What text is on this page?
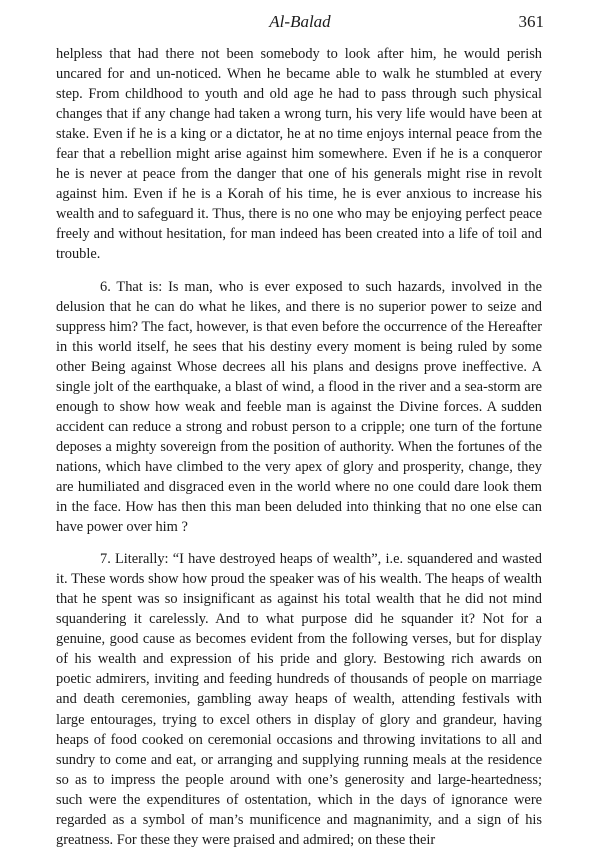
Al-Balad	361

helpless that had there not been somebody to look after him, he would perish uncared for and un-noticed. When he became able to walk he stumbled at every step. From childhood to youth and old age he had to pass through such physical changes that if any change had taken a wrong turn, his very life would have been at stake. Even if he is a king or a dictator, he at no time enjoys internal peace from the fear that a rebellion might arise against him somewhere. Even if he is a conqueror he is never at peace from the danger that one of his generals might rise in revolt against him. Even if he is a Korah of his time, he is ever anxious to increase his wealth and to safeguard it. Thus, there is no one who may be enjoying perfect peace freely and without hesitation, for man indeed has been created into a life of toil and trouble.

6. That is: Is man, who is ever exposed to such hazards, involved in the delusion that he can do what he likes, and there is no superior power to seize and suppress him? The fact, however, is that even before the occurrence of the Hereafter in this world itself, he sees that his destiny every moment is being ruled by some other Being against Whose decrees all his plans and designs prove ineffective. A single jolt of the earthquake, a blast of wind, a flood in the river and a sea-storm are enough to show how weak and feeble man is against the Divine forces. A sudden accident can reduce a strong and robust person to a cripple; one turn of the fortune deposes a mighty sovereign from the position of authority. When the fortunes of the nations, which have climbed to the very apex of glory and prosperity, change, they are humiliated and disgraced even in the world where no one could dare look them in the face. How has then this man been deluded into thinking that no one else can have power over him ?

7. Literally: “I have destroyed heaps of wealth”, i.e. squandered and wasted it. These words show how proud the speaker was of his wealth. The heaps of wealth that he spent was so insignificant as against his total wealth that he did not mind squandering it carelessly. And to what purpose did he squander it? Not for a genuine, good cause as becomes evident from the following verses, but for display of his wealth and expression of his pride and glory. Bestowing rich awards on poetic admirers, inviting and feeding hundreds of thousands of people on marriage and death ceremonies, gambling away heaps of wealth, attending festivals with large entourages, trying to excel others in display of glory and grandeur, having heaps of food cooked on ceremonial occasions and throwing invitations to all and sundry to come and eat, or arranging and supplying running meals at the residence so as to impress the people around with one’s generosity and large-heartedness; such were the expenditures of ostentation, which in the days of ignorance were regarded as a symbol of man’s munificence and magnanimity, and a sign of his greatness. For these they were praised and admired; on these their
